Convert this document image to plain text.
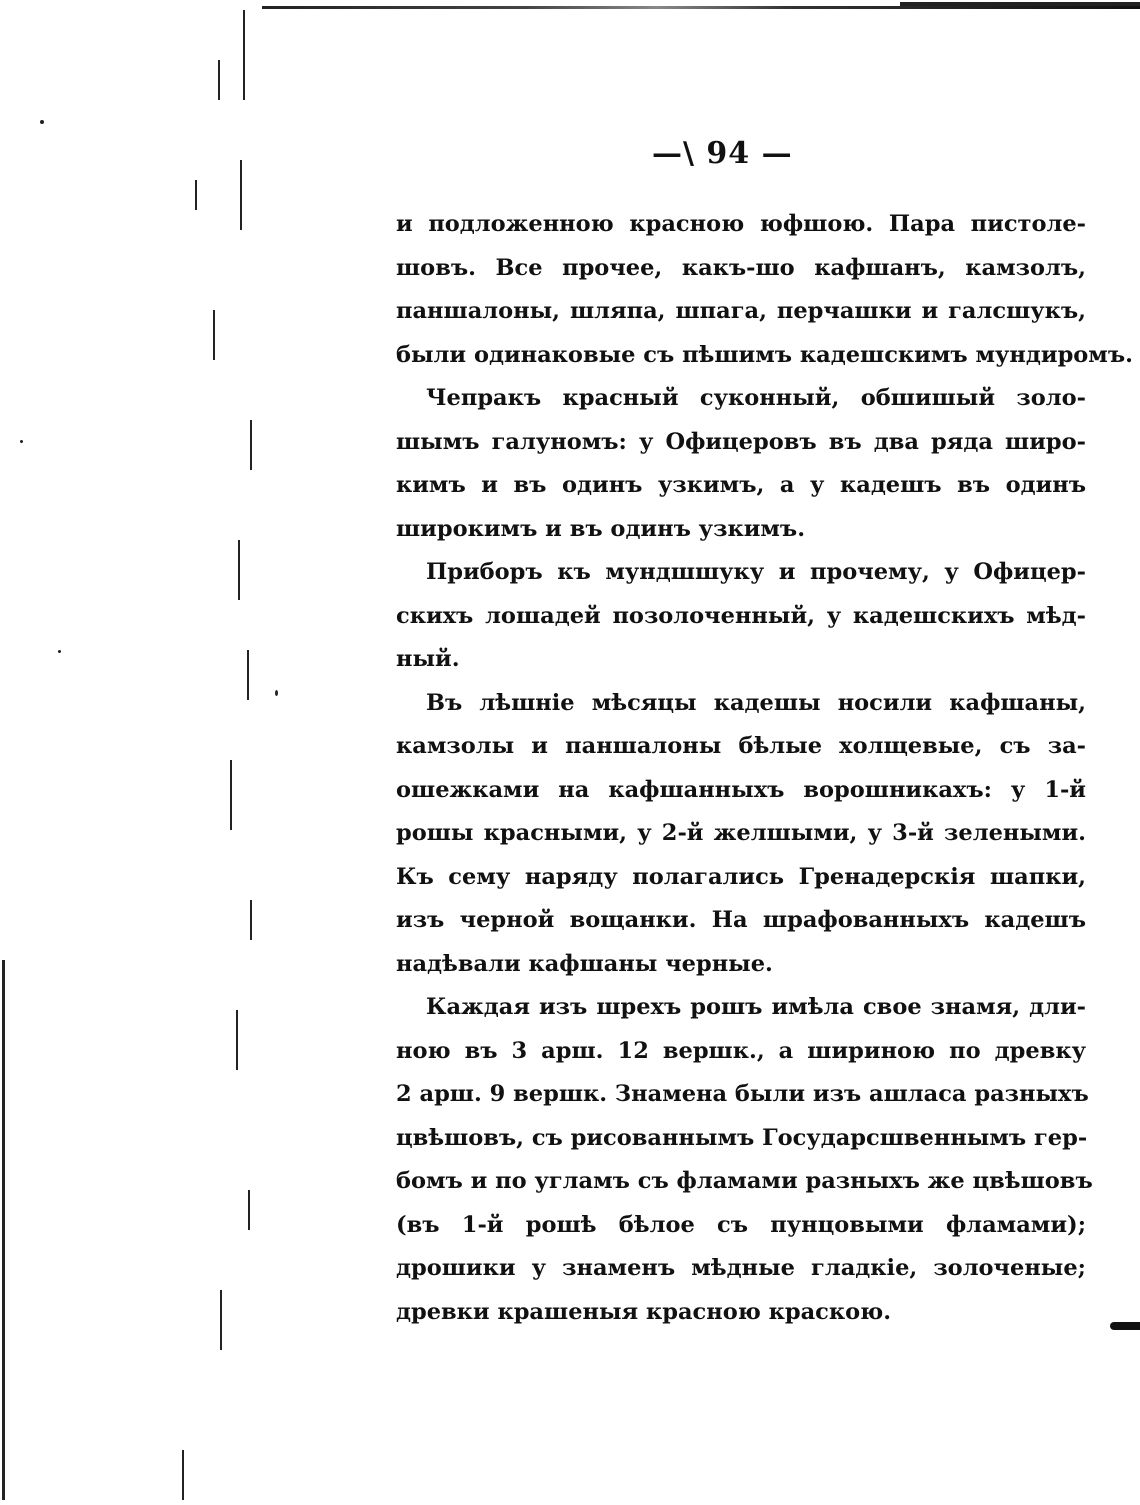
—\ 94 —
и подложенною красною юфшою. Пара пистоле-
шовъ. Все прочее, какъ-шо кафшанъ, камзолъ,
паншалоны, шляпа, шпага, перчашки и галсшукъ,
были одинаковые съ пѣшимъ кадешскимъ мундиромъ.
Чепракъ красный суконный, обшишый золо-
шымъ галуномъ: у Офицеровъ въ два ряда широ-
кимъ и въ одинъ узкимъ, а у кадешъ въ одинъ
широкимъ и въ одинъ узкимъ.
Приборъ къ мундшшуку и прочему, у Офицер-
скихъ лошадей позолоченный, у кадешскихъ мѣд-
ный.
Въ лѣшніе мѣсяцы кадешы носили кафшаны,
камзолы и паншалоны бѣлые холщевые, съ за-
ошежками на кафшанныхъ ворошникахъ: у 1-й
рошы красными, у 2-й желшыми, у 3-й зелеными.
Къ сему наряду полагались Гренадерскія шапки,
изъ черной вощанки. На шрафованныхъ кадешъ
надѣвали кафшаны черные.
Каждая изъ шрехъ рошъ имѣла свое знамя, дли-
ною въ 3 арш. 12 вершк., а шириною по древку
2 арш. 9 вершк. Знамена были изъ ашласа разныхъ
цвѣшовъ, съ рисованнымъ Государсшвеннымъ гер-
бомъ и по угламъ съ фламами разныхъ же цвѣшовъ
(въ 1-й рошѣ бѣлое съ пунцовыми фламами);
дрошики у знаменъ мѣдные гладкіе, золоченые;
древки крашеныя красною краскою.
